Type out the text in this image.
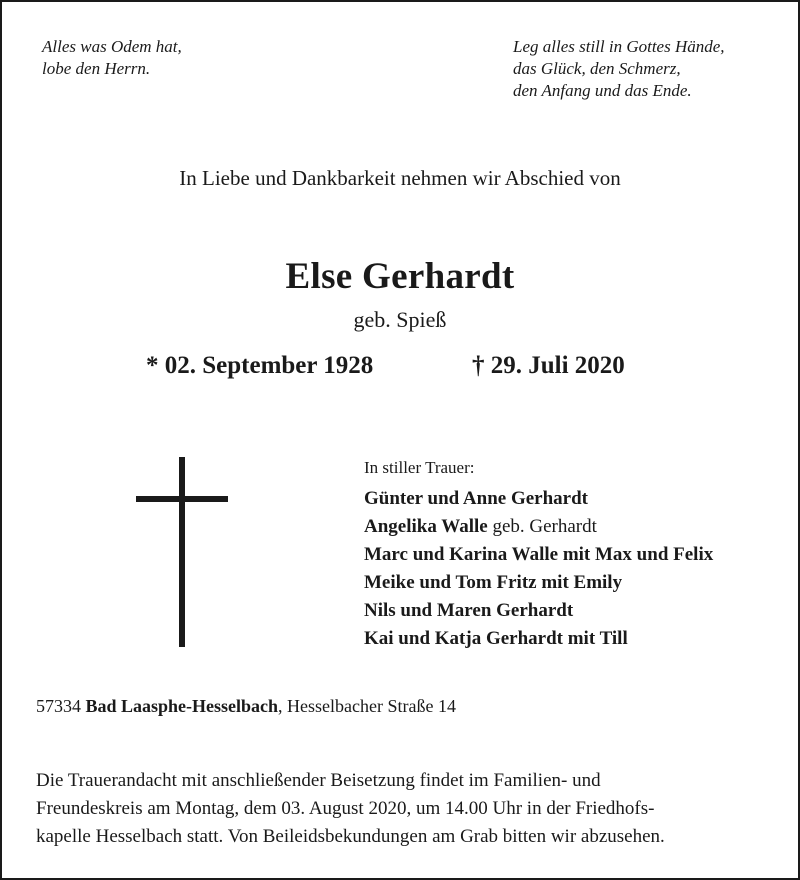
Alles was Odem hat,
lobe den Herrn.
Leg alles still in Gottes Hände,
das Glück, den Schmerz,
den Anfang und das Ende.
In Liebe und Dankbarkeit nehmen wir Abschied von
Else Gerhardt
geb. Spieß
* 02. September 1928	† 29. Juli 2020
In stiller Trauer:
Günter und Anne Gerhardt
Angelika Walle geb. Gerhardt
Marc und Karina Walle mit Max und Felix
Meike und Tom Fritz mit Emily
Nils und Maren Gerhardt
Kai und Katja Gerhardt mit Till
57334 Bad Laasphe-Hesselbach, Hesselbacher Straße 14
Die Trauerandacht mit anschließender Beisetzung findet im Familien- und
Freundeskreis am Montag, dem 03. August 2020, um 14.00 Uhr in der Friedhofs-
kapelle Hesselbach statt. Von Beileidsbekundungen am Grab bitten wir abzusehen.
